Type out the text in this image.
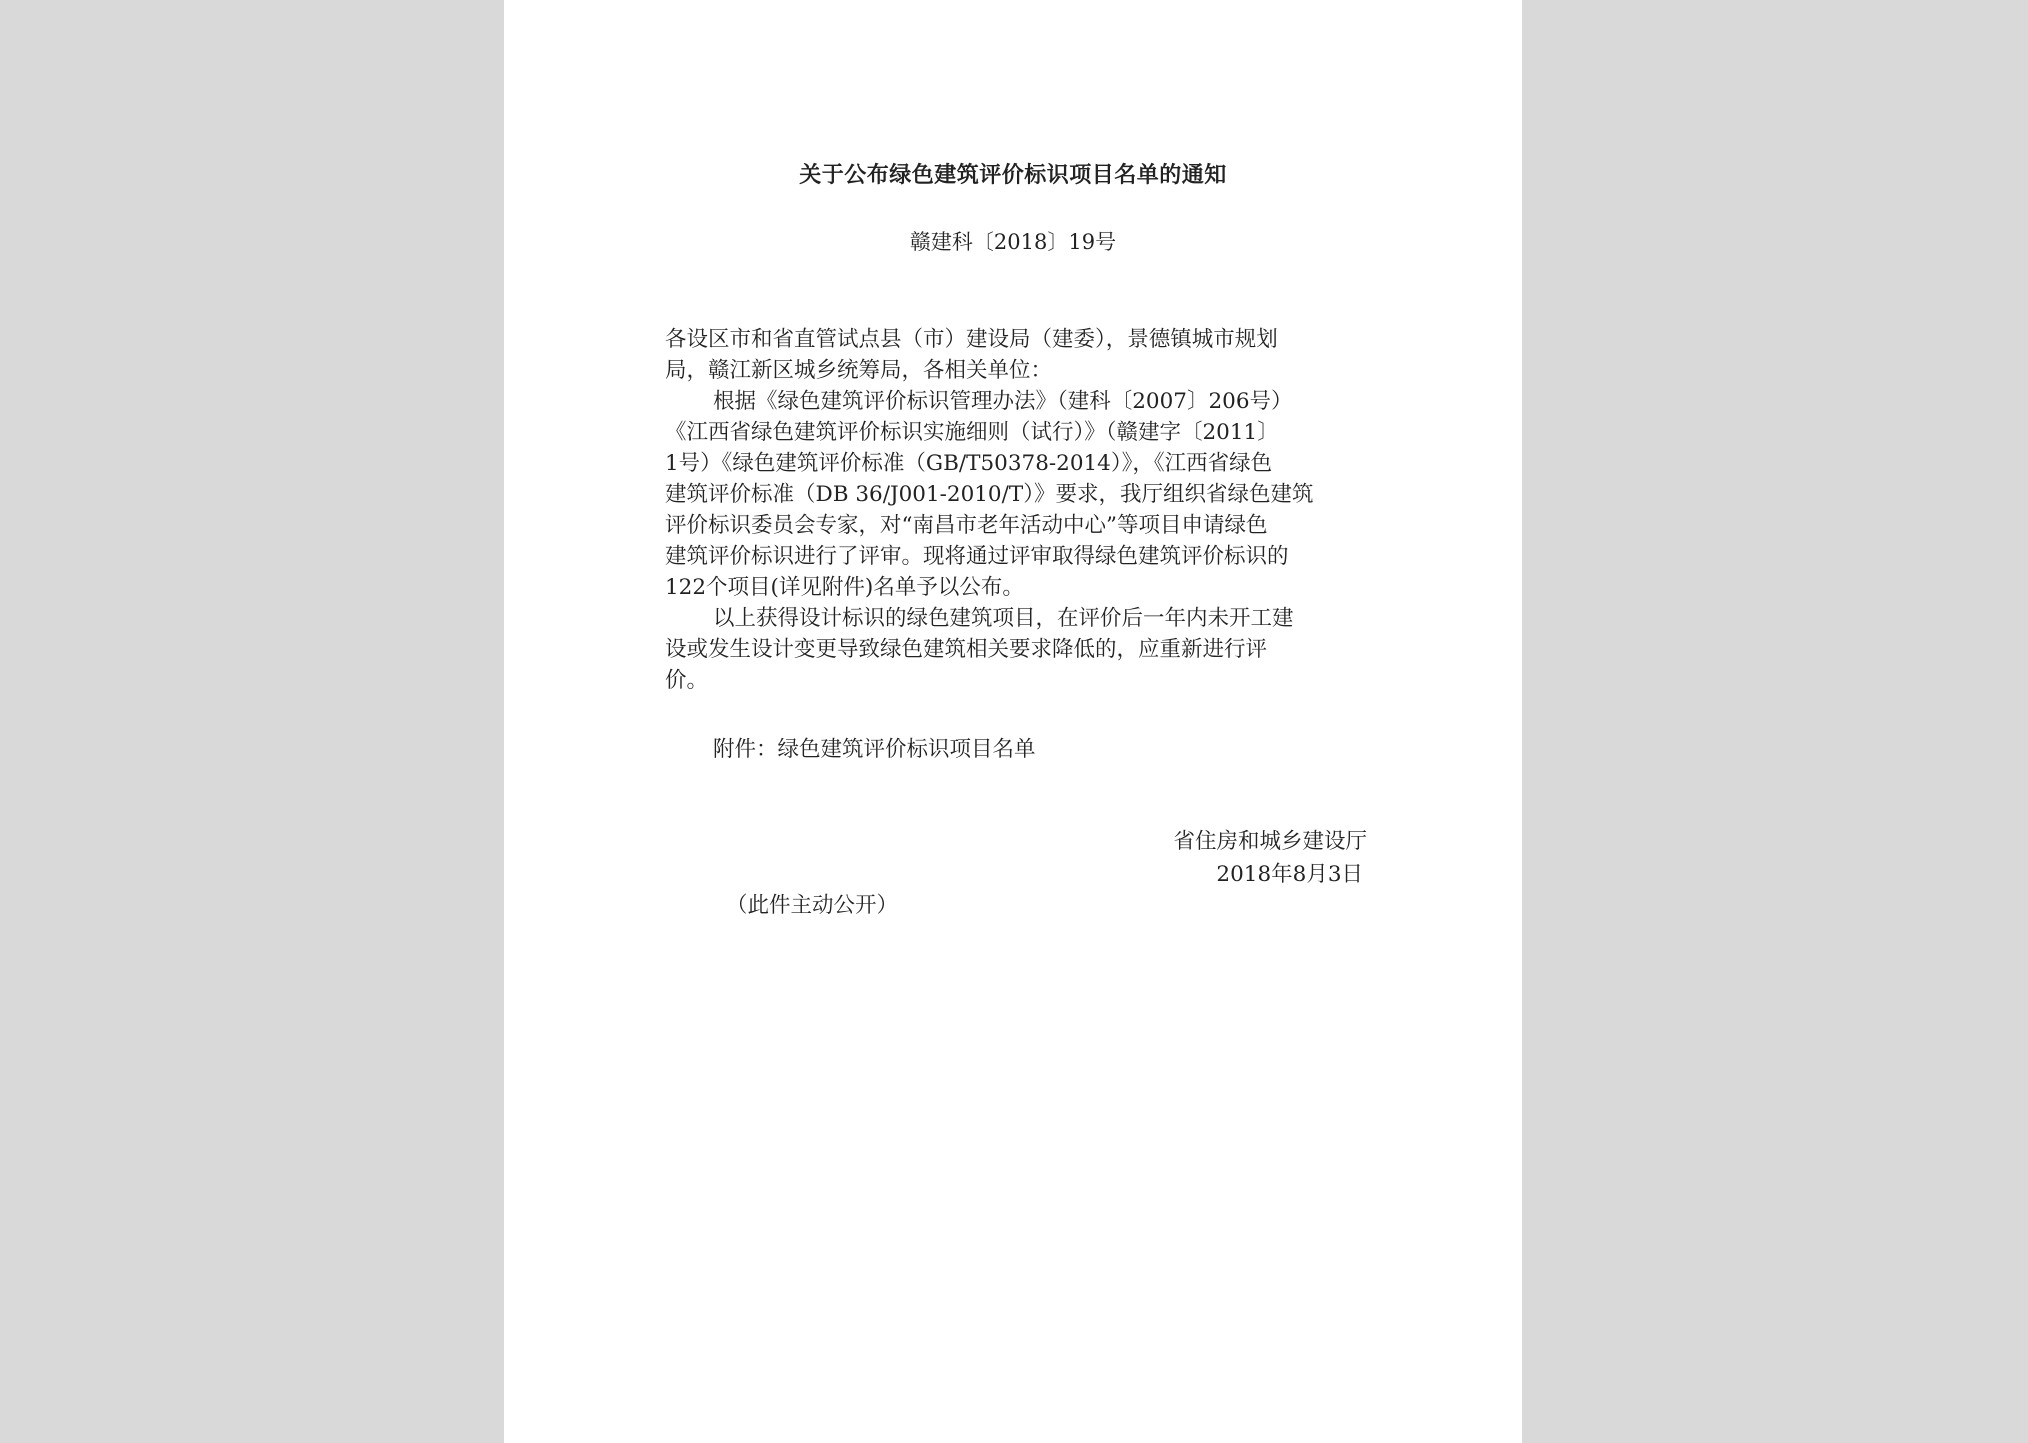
关于公布绿色建筑评价标识项目名单的通知
赣建科〔2018〕19号
各设区市和省直管试点县（市）建设局（建委），景德镇城市规划
局，赣江新区城乡统筹局，各相关单位：
根据《绿色建筑评价标识管理办法》（建科〔2007〕206号）
《江西省绿色建筑评价标识实施细则（试行）》（赣建字〔2011〕
1号）《绿色建筑评价标准（GB/T50378-2014）》，《江西省绿色
建筑评价标准（DB 36/J001-2010/T）》要求，我厅组织省绿色建筑
评价标识委员会专家，对“南昌市老年活动中心”等项目申请绿色
建筑评价标识进行了评审。现将通过评审取得绿色建筑评价标识的
122个项目(详见附件)名单予以公布。
以上获得设计标识的绿色建筑项目，在评价后一年内未开工建
设或发生设计变更导致绿色建筑相关要求降低的，应重新进行评
价。
附件：绿色建筑评价标识项目名单
省住房和城乡建设厅
2018年8月3日
（此件主动公开）
